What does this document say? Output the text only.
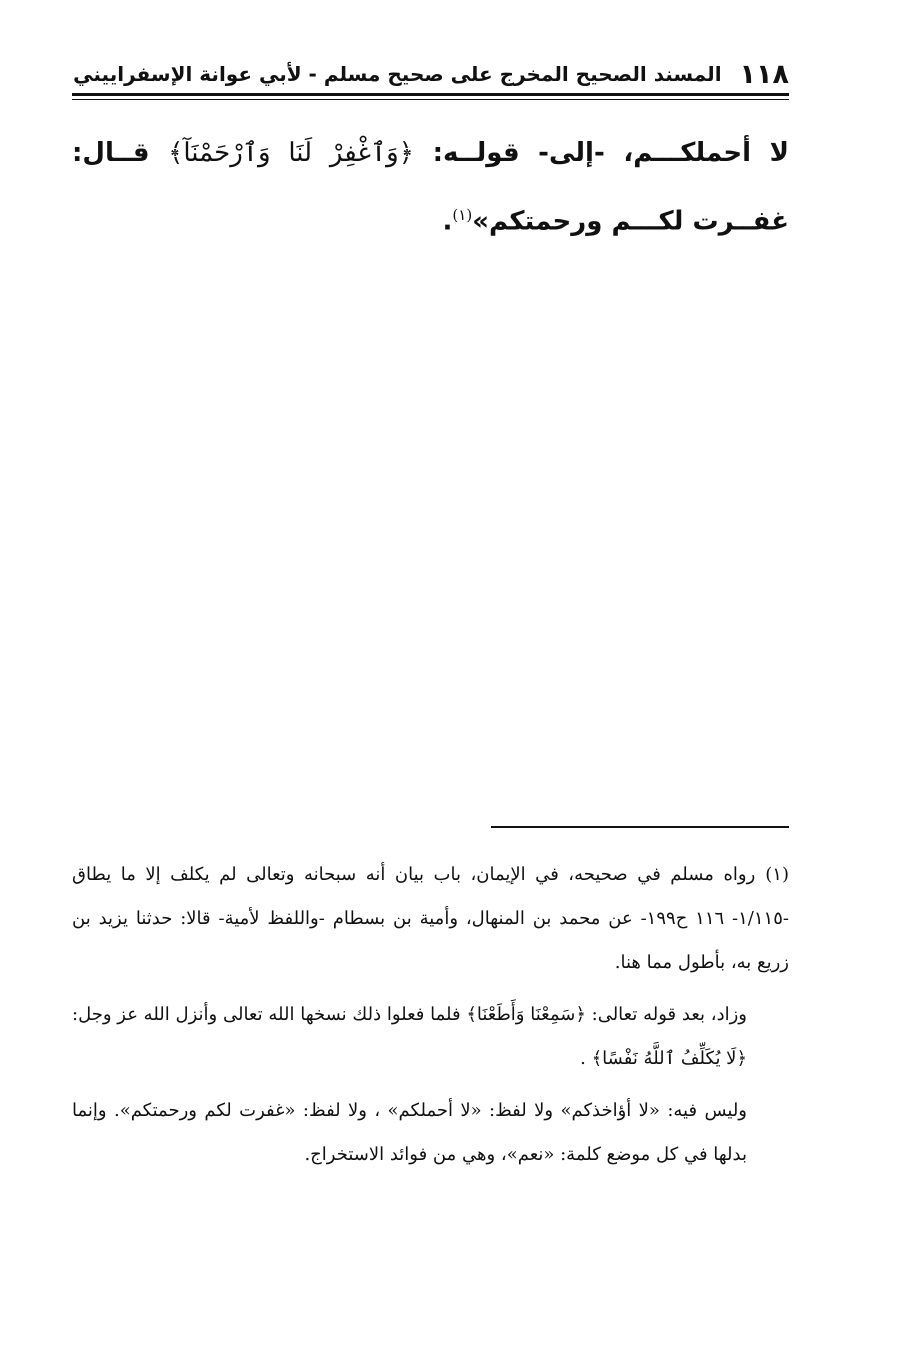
١١٨
المسند الصحيح المخرج على صحيح مسلم - لأبي عوانة الإسفراييني
لا أحملكـــم، -إلى- قولــه: ﴿وَٱغْفِرْ لَنَا وَٱرْحَمْنَآ﴾ قــال: غفــرت لكـــم ورحمتكم»$^{(١)}$.

(١)رواه مسلم في صحيحه، في الإيمان، باب بيان أنه سبحانه وتعالى لم يكلف إلا ما يطاق -١/١١٥- ١١٦ ح١٩٩- عن محمد بن المنهال، وأمية بن بسطام -واللفظ لأمية- قالا: حدثنا يزيد بن زريع به، بأطول مما هنا.

وزاد، بعد قوله تعالى: ﴿سَمِعْنَا وَأَطَعْنَا﴾ فلما فعلوا ذلك نسخها الله تعالى وأنزل الله عز وجل: ﴿لَا يُكَلِّفُ ٱللَّهُ نَفْسًا﴾ .

وليس فيه: «لا أؤاخذكم» ولا لفظ: «لا أحملكم» ، ولا لفظ: «غفرت لكم ورحمتكم». وإنما بدلها في كل موضع كلمة: «نعم»، وهي من فوائد الاستخراج.
